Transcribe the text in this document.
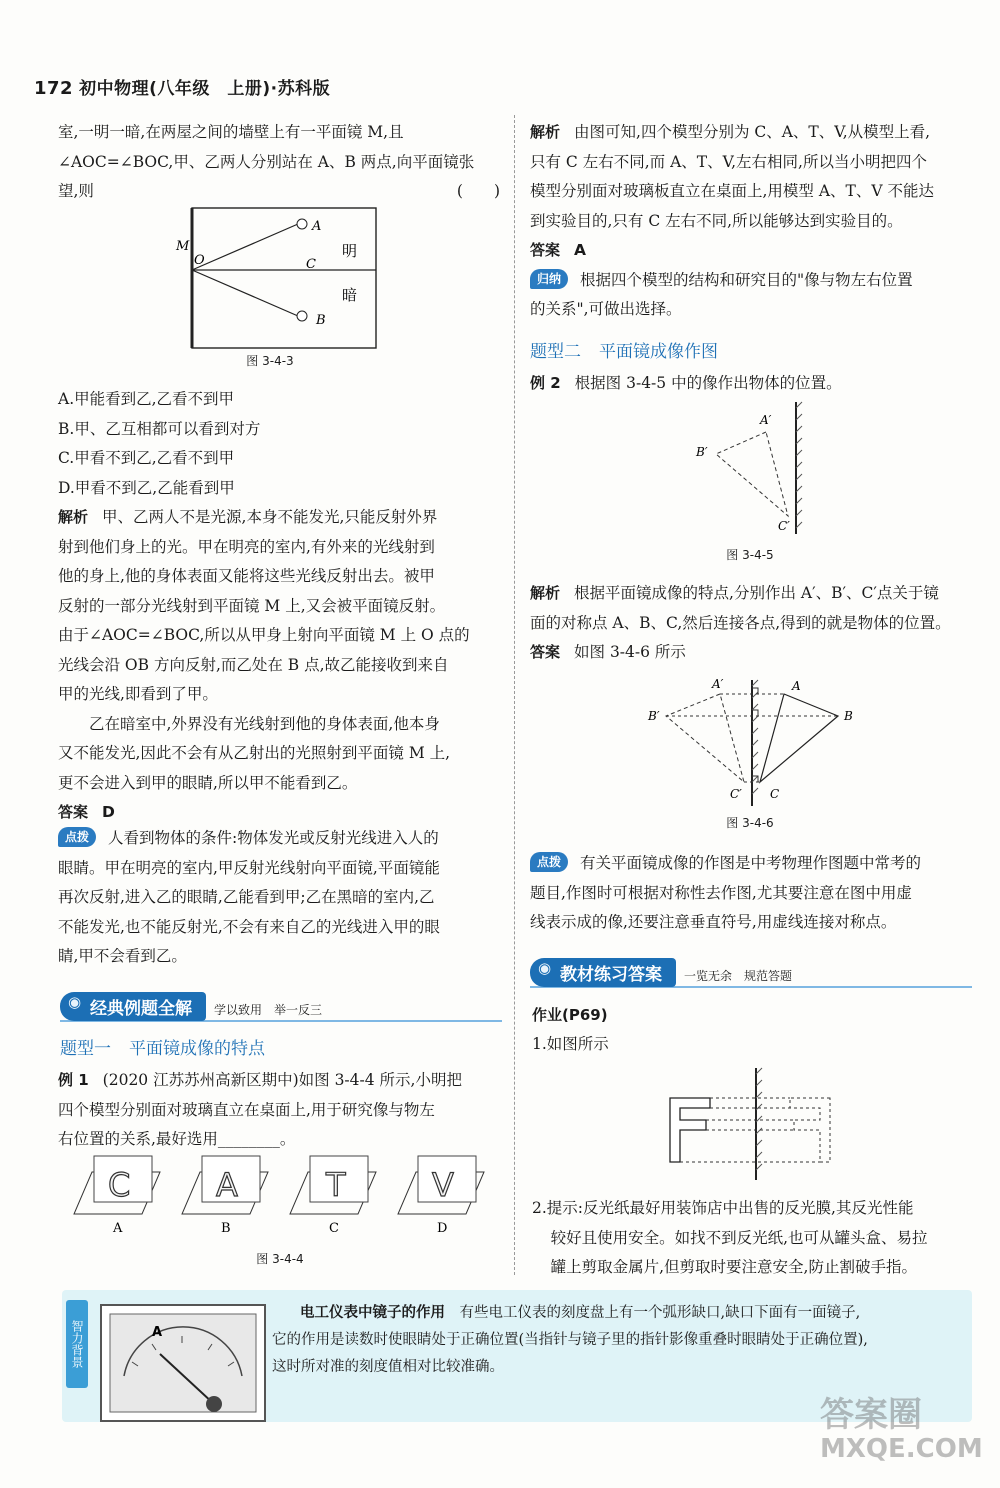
172 初中物理(八年级　上册)·苏科版

室,一明一暗,在两屋之间的墙壁上有一平面镜 M,且

∠AOC=∠BOC,甲、乙两人分别站在 A、B 两点,向平面镜张

望,则	(　　)

M
O
A
B
C
明
暗
图 3-4-3

A.甲能看到乙,乙看不到甲

B.甲、乙互相都可以看到对方

C.甲看不到乙,乙看不到甲

D.甲看不到乙,乙能看到甲

解析 甲、乙两人不是光源,本身不能发光,只能反射外界

射到他们身上的光。甲在明亮的室内,有外来的光线射到

他的身上,他的身体表面又能将这些光线反射出去。被甲

反射的一部分光线射到平面镜 M 上,又会被平面镜反射。

由于∠AOC=∠BOC,所以从甲身上射向平面镜 M 上 O 点的

光线会沿 OB 方向反射,而乙处在 B 点,故乙能接收到来自

甲的光线,即看到了甲。

乙在暗室中,外界没有光线射到他的身体表面,他本身

又不能发光,因此不会有从乙射出的光照射到平面镜 M 上,

更不会进入到甲的眼睛,所以甲不能看到乙。

答案 D

点拨 人看到物体的条件:物体发光或反射光线进入人的

眼睛。甲在明亮的室内,甲反射光线射向平面镜,平面镜能

再次反射,进入乙的眼睛,乙能看到甲;乙在黑暗的室内,乙

不能发光,也不能反射光,不会有来自乙的光线进入甲的眼

睛,甲不会看到乙。

◉ 经典例题全解 学以致用　举一反三
题型一 平面镜成像的特点

例 1 (2020 江苏苏州高新区期中)如图 3-4-4 所示,小明把

四个模型分别面对玻璃直立在桌面上,用于研究像与物左

右位置的关系,最好选用________。

C
A
A
B
T
C
V
D
图 3-4-4

解析 由图可知,四个模型分别为 C、A、T、V,从模型上看,

只有 C 左右不同,而 A、T、V,左右相同,所以当小明把四个

模型分别面对玻璃板直立在桌面上,用模型 A、T、V 不能达

到实验目的,只有 C 左右不同,所以能够达到实验目的。

答案 A

归纳 根据四个模型的结构和研究目的"像与物左右位置

的关系",可做出选择。

题型二 平面镜成像作图

例 2 根据图 3-4-5 中的像作出物体的位置。

A′
B′
C′
图 3-4-5

解析 根据平面镜成像的特点,分别作出 A′、B′、C′点关于镜

面的对称点 A、B、C,然后连接各点,得到的就是物体的位置。

答案 如图 3-4-6 所示

A′
B′
C′
A
B
C
图 3-4-6

点拨 有关平面镜成像的作图是中考物理作图题中常考的

题目,作图时可根据对称性去作图,尤其要注意在图中用虚

线表示成的像,还要注意垂直符号,用虚线连接对称点。

◉ 教材练习答案 一览无余　规范答题
作业(P69)

1.如图所示

2.提示:反光纸最好用装饰店中出售的反光膜,其反光性能

较好且使用安全。如找不到反光纸,也可从罐头盒、易拉

罐上剪取金属片,但剪取时要注意安全,防止割破手指。

智力背景	A
电工仪表中镜子的作用　 有些电工仪表的刻度盘上有一个弧形缺口,缺口下面有一面镜子,
它的作用是读数时使眼睛处于正确位置(当指针与镜子里的指针影像重叠时眼睛处于正确位置),
这时所对准的刻度值相对比较准确。
答案圈
MXQE.COM
